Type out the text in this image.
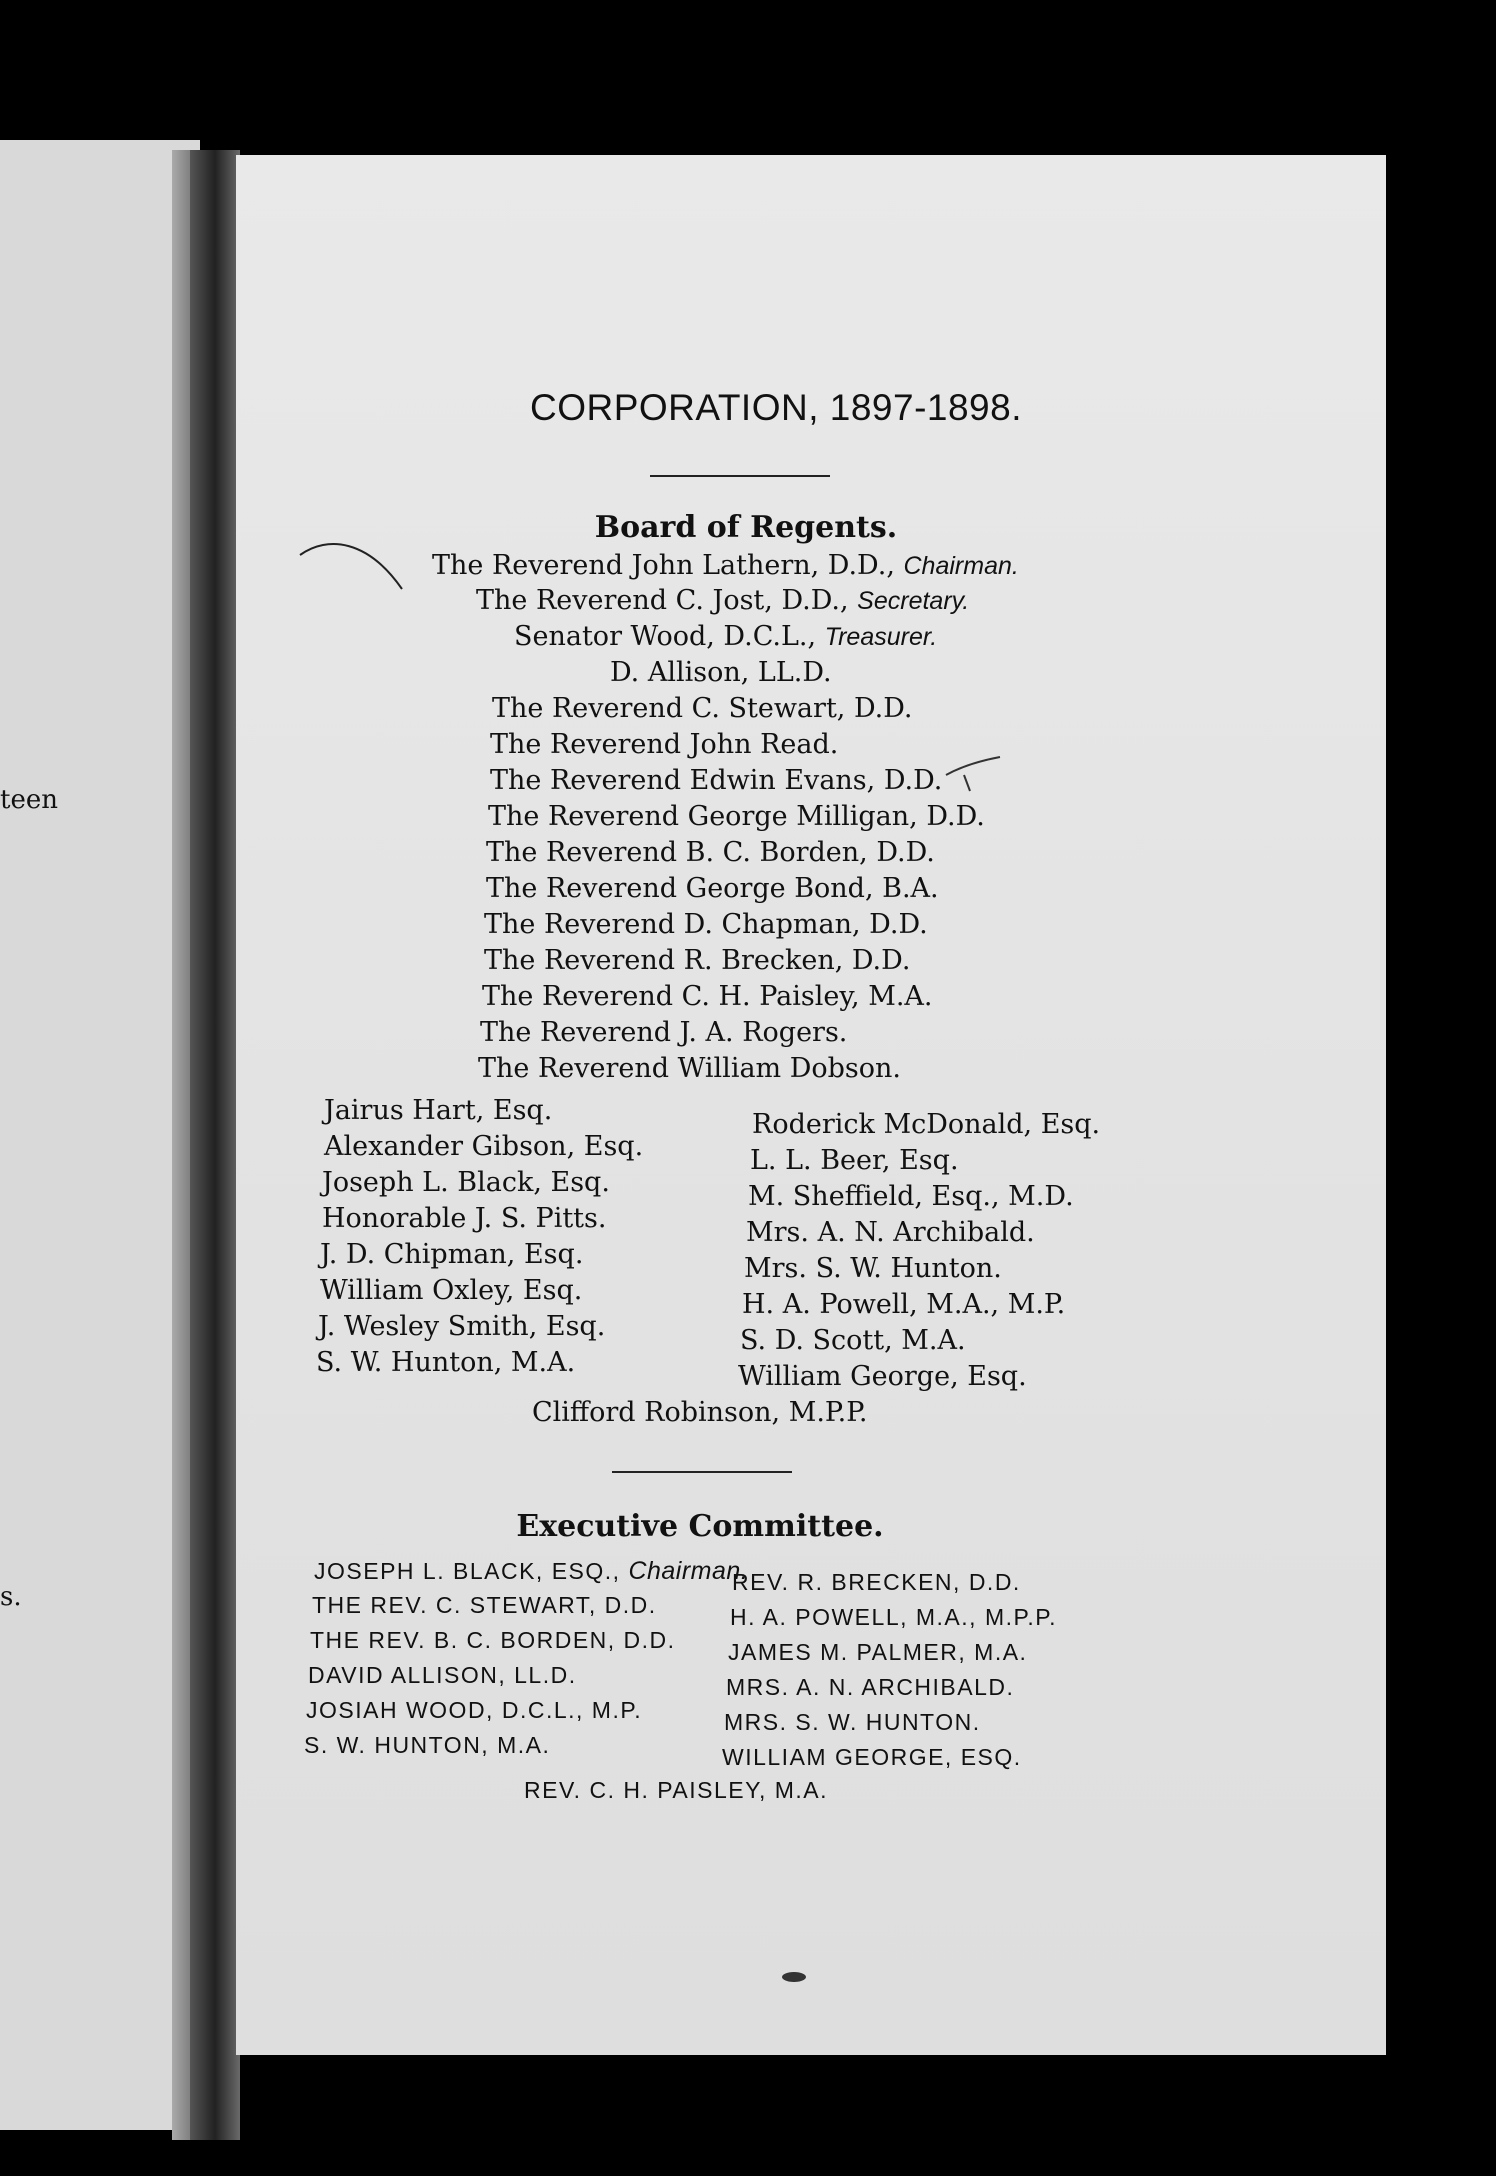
teen
s.
CORPORATION, 1897-1898.
Board of Regents.
The Reverend John Lathern, D.D., Chairman.
The Reverend C. Jost, D.D., Secretary.
Senator Wood, D.C.L., Treasurer.
D. Allison, LL.D.
The Reverend C. Stewart, D.D.
The Reverend John Read.
The Reverend Edwin Evans, D.D.
The Reverend George Milligan, D.D.
The Reverend B. C. Borden, D.D.
The Reverend George Bond, B.A.
The Reverend D. Chapman, D.D.
The Reverend R. Brecken, D.D.
The Reverend C. H. Paisley, M.A.
The Reverend J. A. Rogers.
The Reverend William Dobson.
Jairus Hart, Esq.
Alexander Gibson, Esq.
Joseph L. Black, Esq.
Honorable J. S. Pitts.
J. D. Chipman, Esq.
William Oxley, Esq.
J. Wesley Smith, Esq.
S. W. Hunton, M.A.
Roderick McDonald, Esq.
L. L. Beer, Esq.
M. Sheffield, Esq., M.D.
Mrs. A. N. Archibald.
Mrs. S. W. Hunton.
H. A. Powell, M.A., M.P.
S. D. Scott, M.A.
William George, Esq.
Clifford Robinson, M.P.P.
Executive Committee.
JOSEPH L. BLACK, ESQ., Chairman.
THE REV. C. STEWART, D.D.
THE REV. B. C. BORDEN, D.D.
DAVID ALLISON, LL.D.
JOSIAH WOOD, D.C.L., M.P.
S. W. HUNTON, M.A.
REV. R. BRECKEN, D.D.
H. A. POWELL, M.A., M.P.P.
JAMES M. PALMER, M.A.
MRS. A. N. ARCHIBALD.
MRS. S. W. HUNTON.
WILLIAM GEORGE, ESQ.
REV. C. H. PAISLEY, M.A.
